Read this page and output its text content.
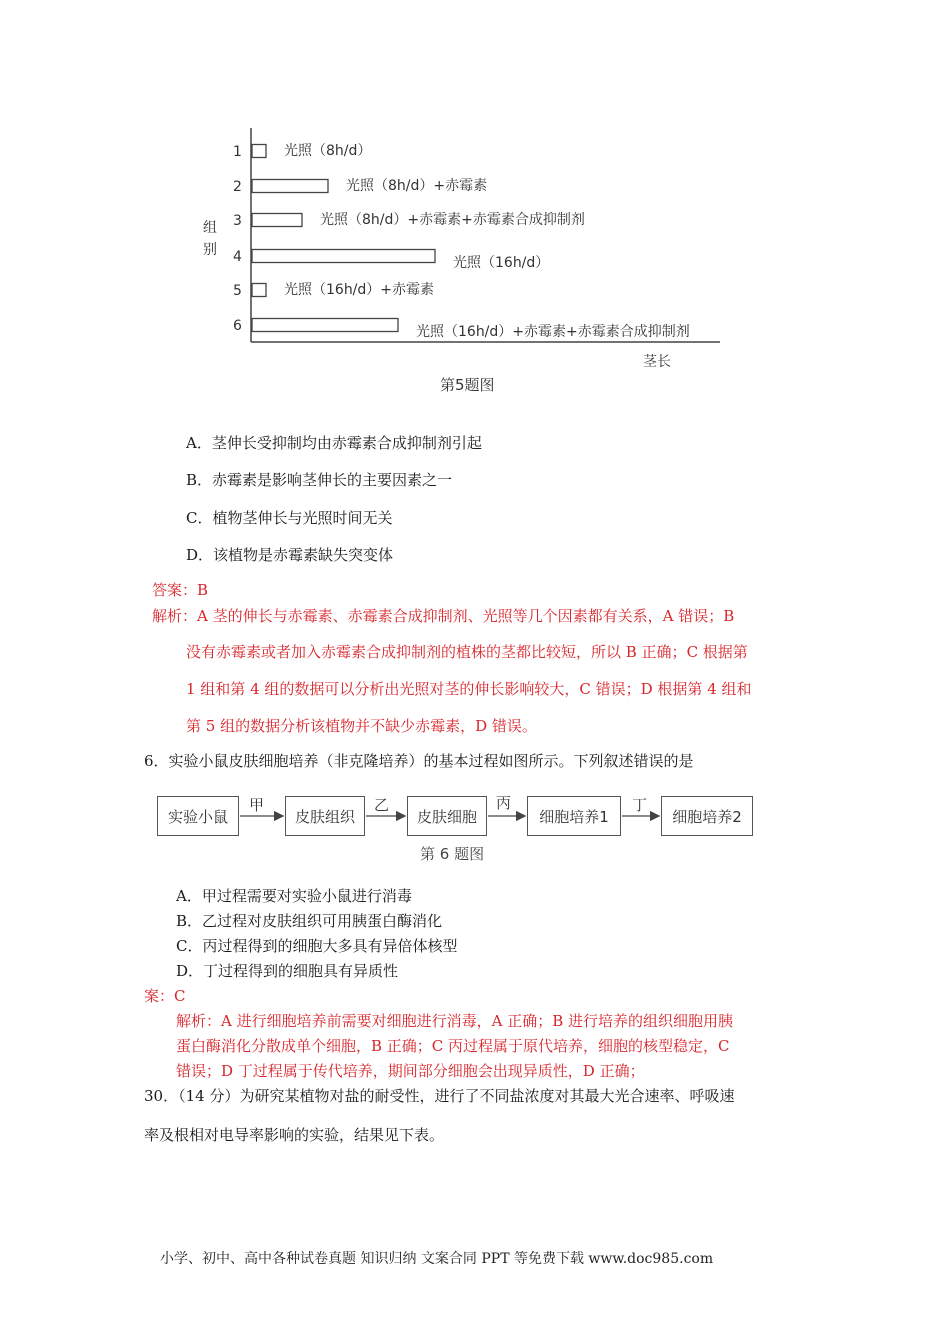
组
别
1	光照（8h/d）
2	光照（8h/d）+赤霉素
3	光照（8h/d）+赤霉素+赤霉素合成抑制剂
4	光照（16h/d）
5	光照（16h/d）+赤霉素
6	光照（16h/d）+赤霉素+赤霉素合成抑制剂
茎长
第5题图
A．茎伸长受抑制均由赤霉素合成抑制剂引起
B．赤霉素是影响茎伸长的主要因素之一
C．植物茎伸长与光照时间无关
D．该植物是赤霉素缺失突变体
答案：B
解析：A 茎的伸长与赤霉素、赤霉素合成抑制剂、光照等几个因素都有关系，A 错误；B
没有赤霉素或者加入赤霉素合成抑制剂的植株的茎都比较短，所以 B 正确；C 根据第
1 组和第 4 组的数据可以分析出光照对茎的伸长影响较大，C 错误；D 根据第 4 组和
第 5 组的数据分析该植物并不缺少赤霉素，D 错误。
6．实验小鼠皮肤细胞培养（非克隆培养）的基本过程如图所示。下列叙述错误的是
实验小鼠	皮肤组织	皮肤细胞	细胞培养1	细胞培养2
甲	乙	丙	丁
第 6 题图
A．甲过程需要对实验小鼠进行消毒
B．乙过程对皮肤组织可用胰蛋白酶消化
C．丙过程得到的细胞大多具有异倍体核型
D．丁过程得到的细胞具有异质性
案：C
解析：A 进行细胞培养前需要对细胞进行消毒，A 正确；B 进行培养的组织细胞用胰
蛋白酶消化分散成单个细胞，B 正确；C 丙过程属于原代培养，细胞的核型稳定，C
错误；D 丁过程属于传代培养，期间部分细胞会出现异质性，D 正确；
30．（14 分）为研究某植物对盐的耐受性，进行了不同盐浓度对其最大光合速率、呼吸速
率及根相对电导率影响的实验，结果见下表。
小学、初中、高中各种试卷真题 知识归纳 文案合同 PPT 等免费下载 www.doc985.com
